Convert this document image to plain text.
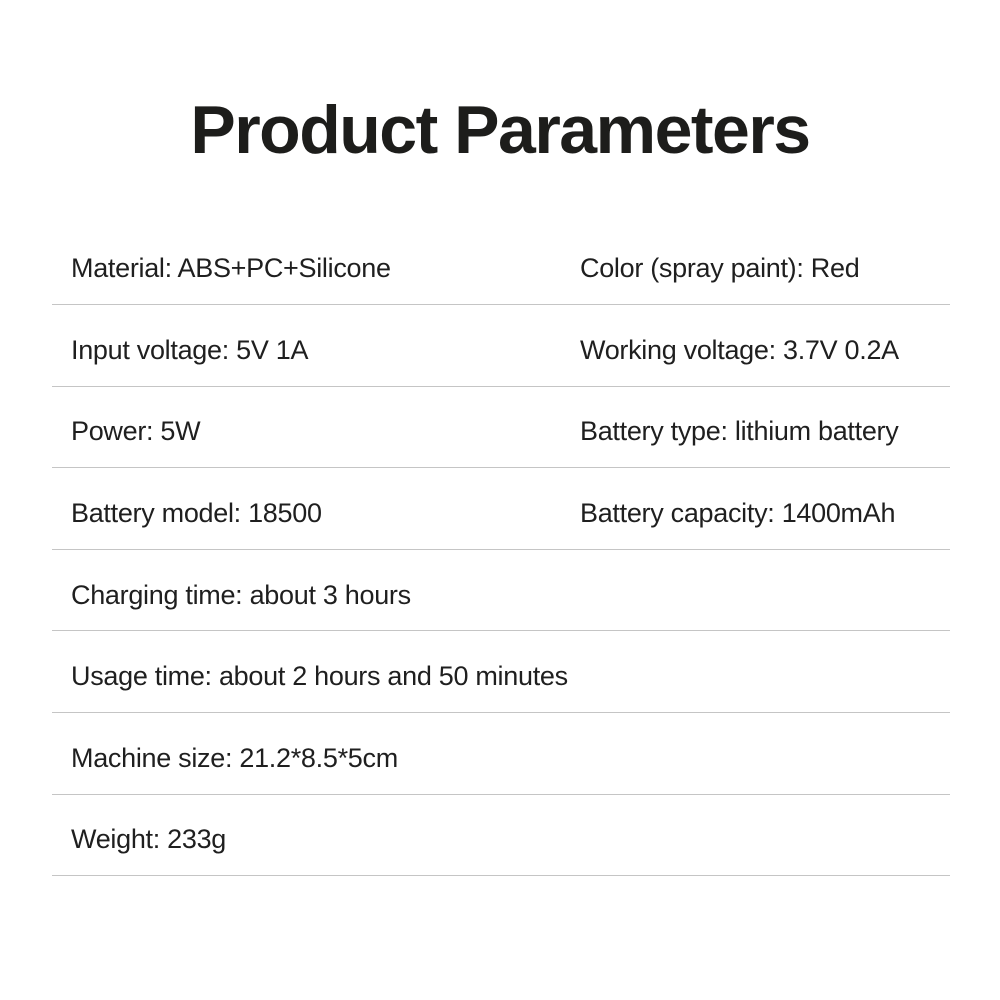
Product Parameters
Material: ABS+PC+Silicone	Color (spray paint): Red
Input voltage: 5V 1A	Working voltage: 3.7V 0.2A
Power: 5W	Battery type: lithium battery
Battery model: 18500	Battery capacity: 1400mAh
Charging time: about 3 hours
Usage time: about 2 hours and 50 minutes
Machine size: 21.2*8.5*5cm
Weight: 233g
